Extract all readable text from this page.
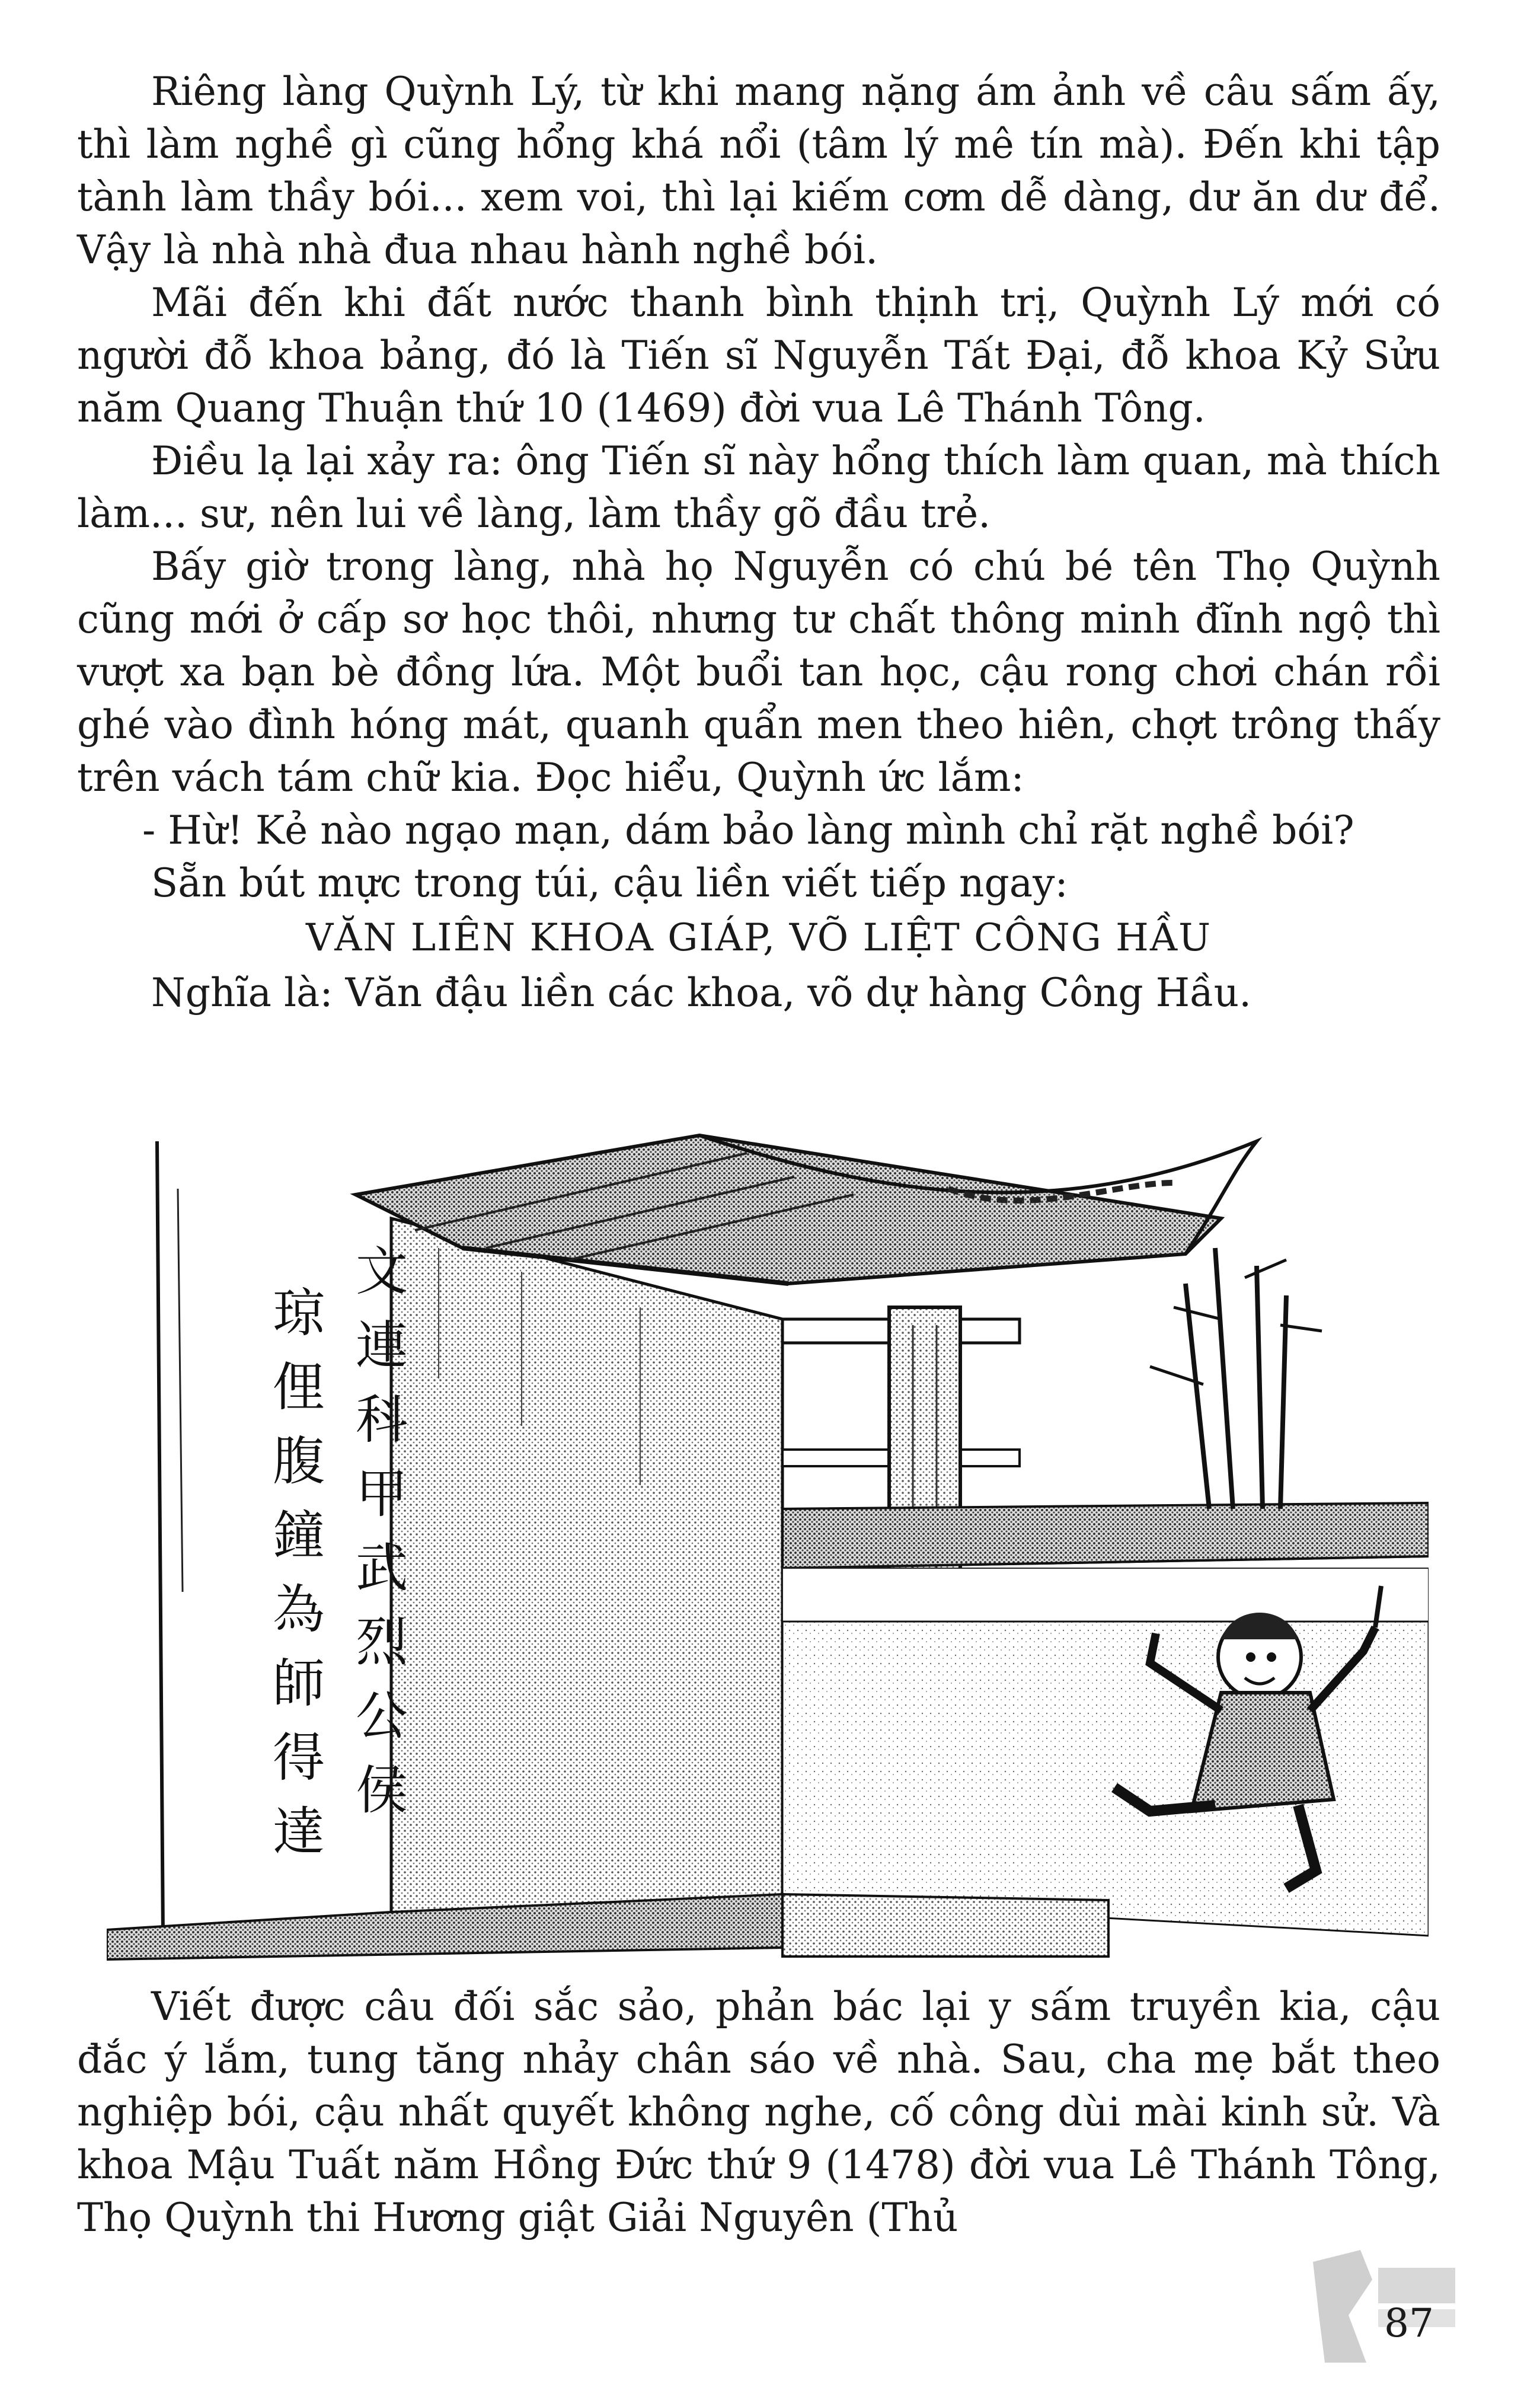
Riêng làng Quỳnh Lý, từ khi mang nặng ám ảnh về câu sấm ấy, thì làm nghề gì cũng hổng khá nổi (tâm lý mê tín mà). Đến khi tập tành làm thầy bói... xem voi, thì lại kiếm cơm dễ dàng, dư ăn dư để. Vậy là nhà nhà đua nhau hành nghề bói.

Mãi đến khi đất nước thanh bình thịnh trị, Quỳnh Lý mới có người đỗ khoa bảng, đó là Tiến sĩ Nguyễn Tất Đại, đỗ khoa Kỷ Sửu năm Quang Thuận thứ 10 (1469) đời vua Lê Thánh Tông.

Điều lạ lại xảy ra: ông Tiến sĩ này hổng thích làm quan, mà thích làm... sư, nên lui về làng, làm thầy gõ đầu trẻ.

Bấy giờ trong làng, nhà họ Nguyễn có chú bé tên Thọ Quỳnh cũng mới ở cấp sơ học thôi, nhưng tư chất thông minh đĩnh ngộ thì vượt xa bạn bè đồng lứa. Một buổi tan học, cậu rong chơi chán rồi ghé vào đình hóng mát, quanh quẩn men theo hiên, chợt trông thấy trên vách tám chữ kia. Đọc hiểu, Quỳnh ức lắm:

- Hừ! Kẻ nào ngạo mạn, dám bảo làng mình chỉ rặt nghề bói?

Sẵn bút mực trong túi, cậu liền viết tiếp ngay:

VĂN LIÊN KHOA GIÁP, VÕ LIỆT CÔNG HẦU

Nghĩa là: Văn đậu liền các khoa, võ dự hàng Công Hầu.

文連科甲武烈公侯
琼俚腹鐘為師得達

Viết được câu đối sắc sảo, phản bác lại y sấm truyền kia, cậu đắc ý lắm, tung tăng nhảy chân sáo về nhà. Sau, cha mẹ bắt theo nghiệp bói, cậu nhất quyết không nghe, cố công dùi mài kinh sử. Và khoa Mậu Tuất năm Hồng Đức thứ 9 (1478) đời vua Lê Thánh Tông, Thọ Quỳnh thi Hương giật Giải Nguyên (Thủ

87
